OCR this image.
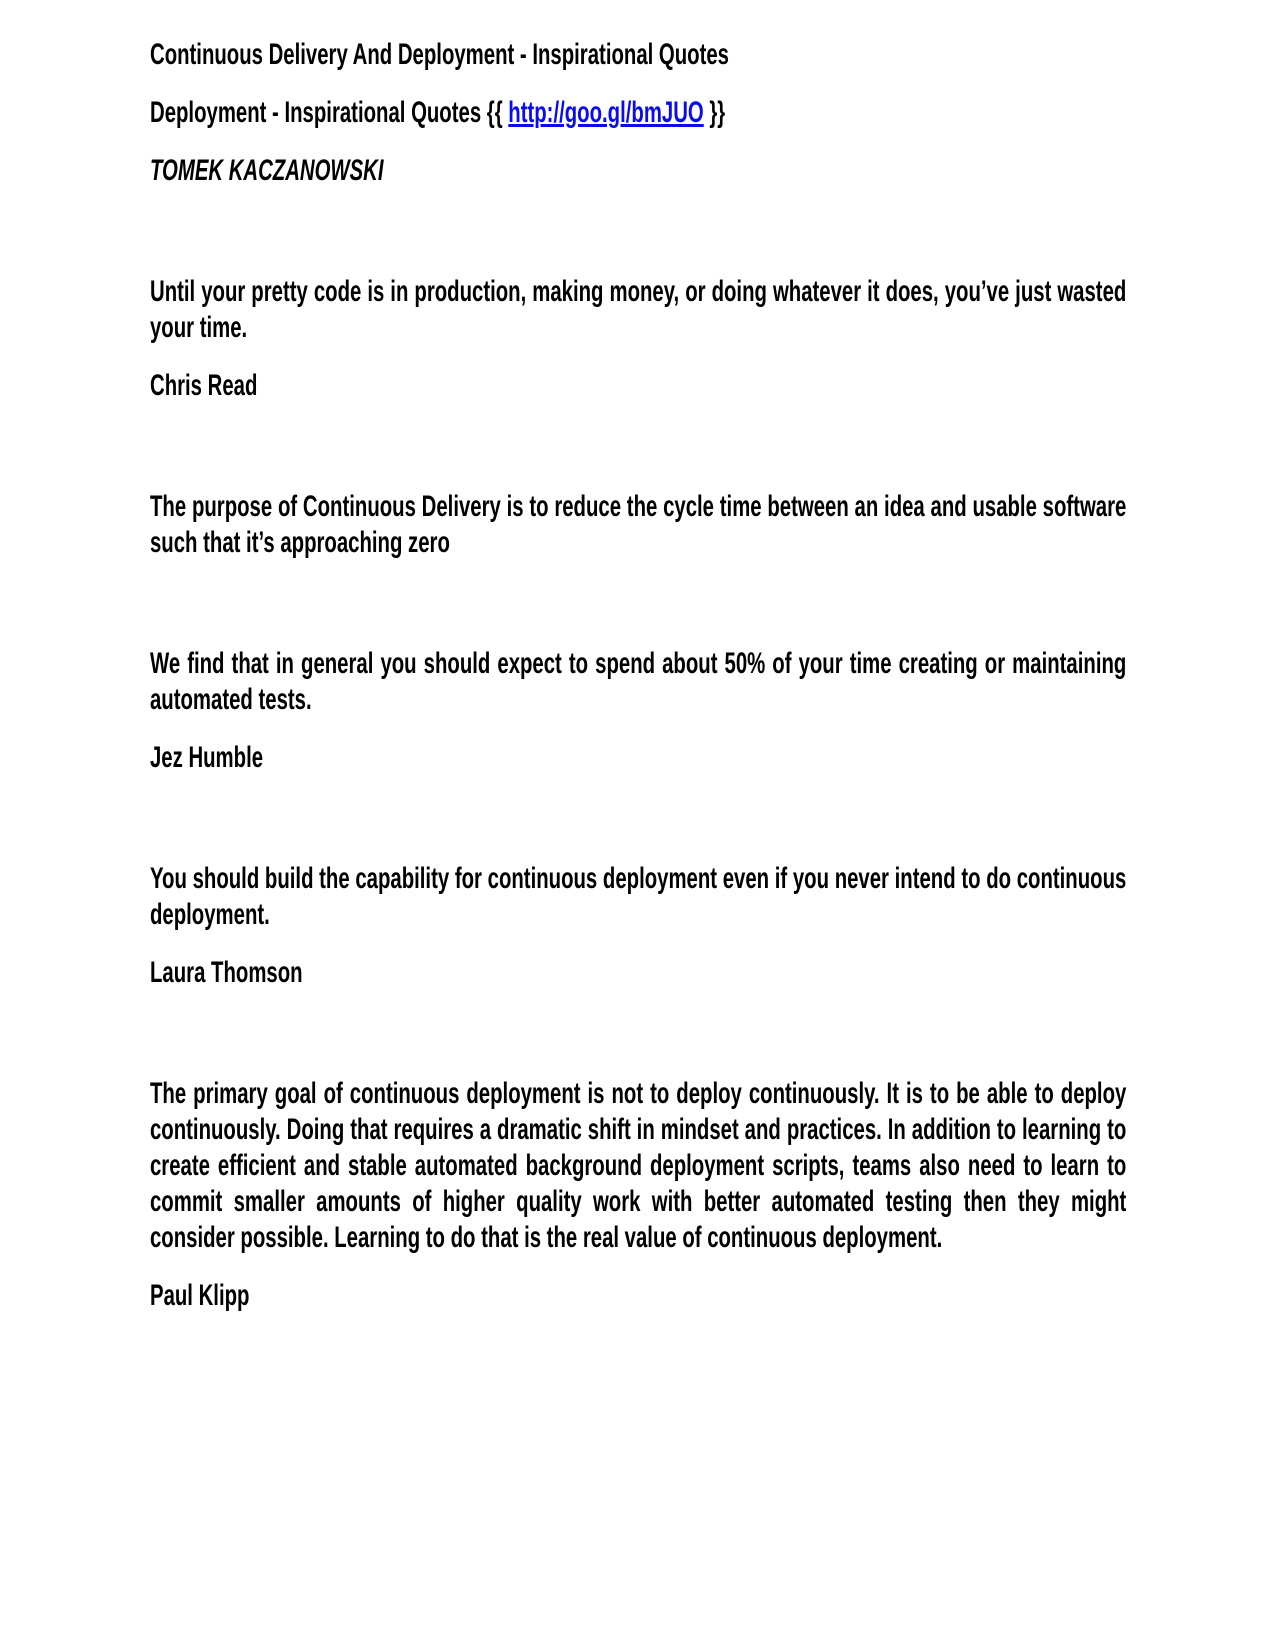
Continuous Delivery And Deployment - Inspirational Quotes

Deployment - Inspirational Quotes {{ http://goo.gl/bmJUO }}

TOMEK KACZANOWSKI

Until your pretty code is in production, making money, or doing whatever it does, you’ve just wasted your time.

Chris Read

The purpose of Continuous Delivery is to reduce the cycle time between an idea and usable software such that it’s approaching zero

We find that in general you should expect to spend about 50% of your time creating or maintaining automated tests.

Jez Humble

You should build the capability for continuous deployment even if you never intend to do continuous deployment.

Laura Thomson

The primary goal of continuous deployment is not to deploy continuously. It is to be able to deploy continuously. Doing that requires a dramatic shift in mindset and practices. In addition to learning to create efficient and stable automated background deployment scripts, teams also need to learn to commit smaller amounts of higher quality work with better automated testing then they might consider possible. Learning to do that is the real value of continuous deployment.

Paul Klipp
